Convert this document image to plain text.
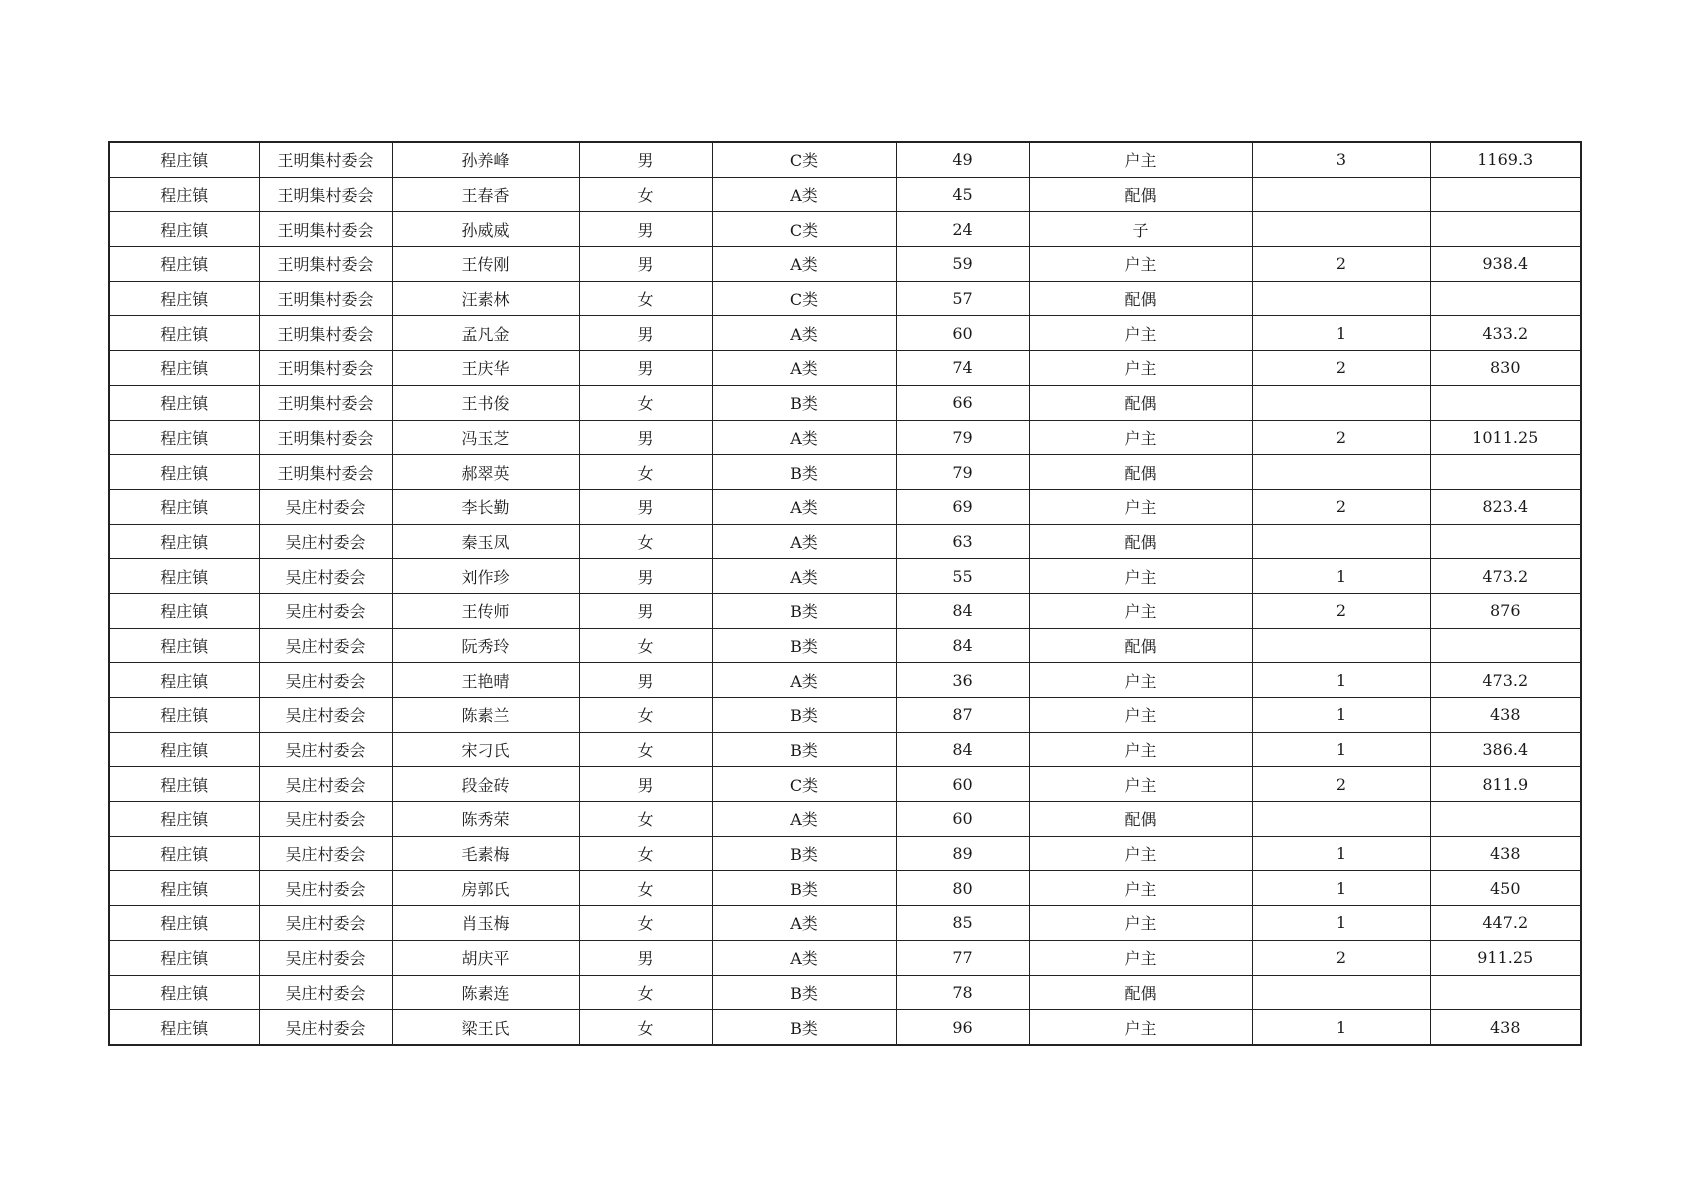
程庄镇	王明集村委会	孙养峰	男	C类	49	户主	3	1169.3
程庄镇	王明集村委会	王春香	女	A类	45	配偶		
程庄镇	王明集村委会	孙威威	男	C类	24	子		
程庄镇	王明集村委会	王传刚	男	A类	59	户主	2	938.4
程庄镇	王明集村委会	汪素林	女	C类	57	配偶		
程庄镇	王明集村委会	孟凡金	男	A类	60	户主	1	433.2
程庄镇	王明集村委会	王庆华	男	A类	74	户主	2	830
程庄镇	王明集村委会	王书俊	女	B类	66	配偶		
程庄镇	王明集村委会	冯玉芝	男	A类	79	户主	2	1011.25
程庄镇	王明集村委会	郝翠英	女	B类	79	配偶		
程庄镇	吴庄村委会	李长勤	男	A类	69	户主	2	823.4
程庄镇	吴庄村委会	秦玉凤	女	A类	63	配偶		
程庄镇	吴庄村委会	刘作珍	男	A类	55	户主	1	473.2
程庄镇	吴庄村委会	王传师	男	B类	84	户主	2	876
程庄镇	吴庄村委会	阮秀玲	女	B类	84	配偶		
程庄镇	吴庄村委会	王艳晴	男	A类	36	户主	1	473.2
程庄镇	吴庄村委会	陈素兰	女	B类	87	户主	1	438
程庄镇	吴庄村委会	宋刁氏	女	B类	84	户主	1	386.4
程庄镇	吴庄村委会	段金砖	男	C类	60	户主	2	811.9
程庄镇	吴庄村委会	陈秀荣	女	A类	60	配偶		
程庄镇	吴庄村委会	毛素梅	女	B类	89	户主	1	438
程庄镇	吴庄村委会	房郭氏	女	B类	80	户主	1	450
程庄镇	吴庄村委会	肖玉梅	女	A类	85	户主	1	447.2
程庄镇	吴庄村委会	胡庆平	男	A类	77	户主	2	911.25
程庄镇	吴庄村委会	陈素连	女	B类	78	配偶		
程庄镇	吴庄村委会	梁王氏	女	B类	96	户主	1	438
